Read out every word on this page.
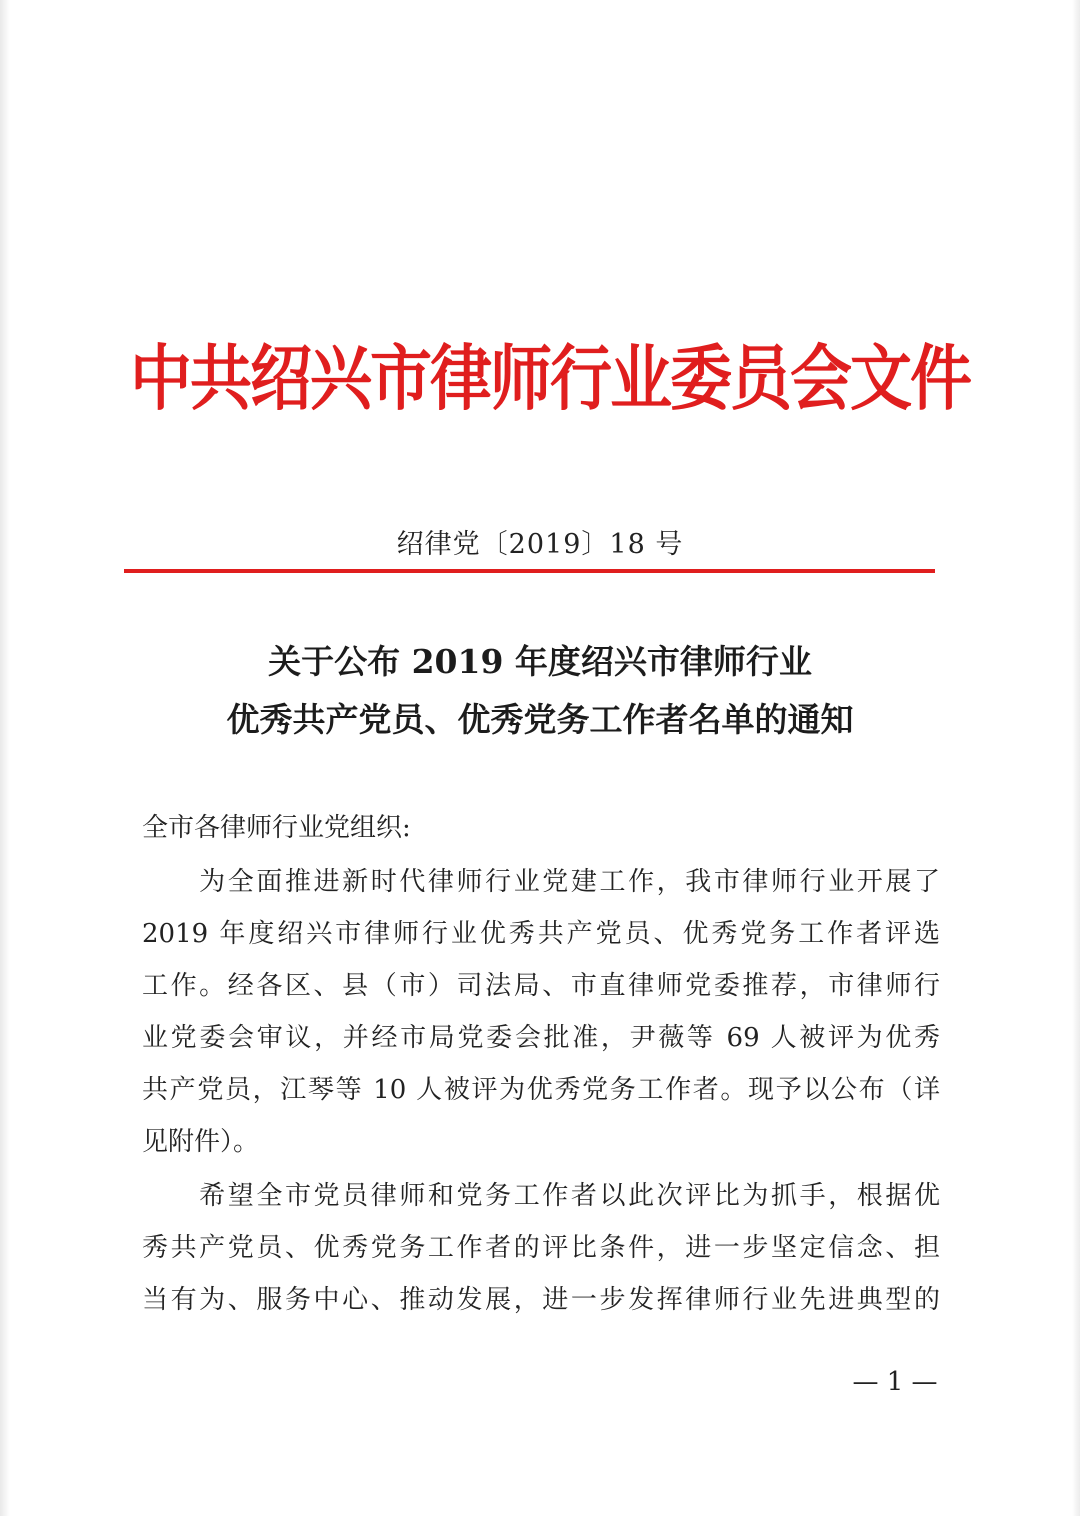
中共绍兴市律师行业委员会文件
绍律党〔2019〕18 号
关于公布 2019 年度绍兴市律师行业
优秀共产党员、优秀党务工作者名单的通知
全市各律师行业党组织:
　　为全面推进新时代律师行业党建工作，我市律师行业开展了
2019 年度绍兴市律师行业优秀共产党员、优秀党务工作者评选
工作。经各区、县（市）司法局、市直律师党委推荐，市律师行
业党委会审议，并经市局党委会批准，尹薇等 69 人被评为优秀
共产党员，江琴等 10 人被评为优秀党务工作者。现予以公布（详
见附件）。
　　希望全市党员律师和党务工作者以此次评比为抓手，根据优
秀共产党员、优秀党务工作者的评比条件，进一步坚定信念、担
当有为、服务中心、推动发展，进一步发挥律师行业先进典型的
— 1 —
